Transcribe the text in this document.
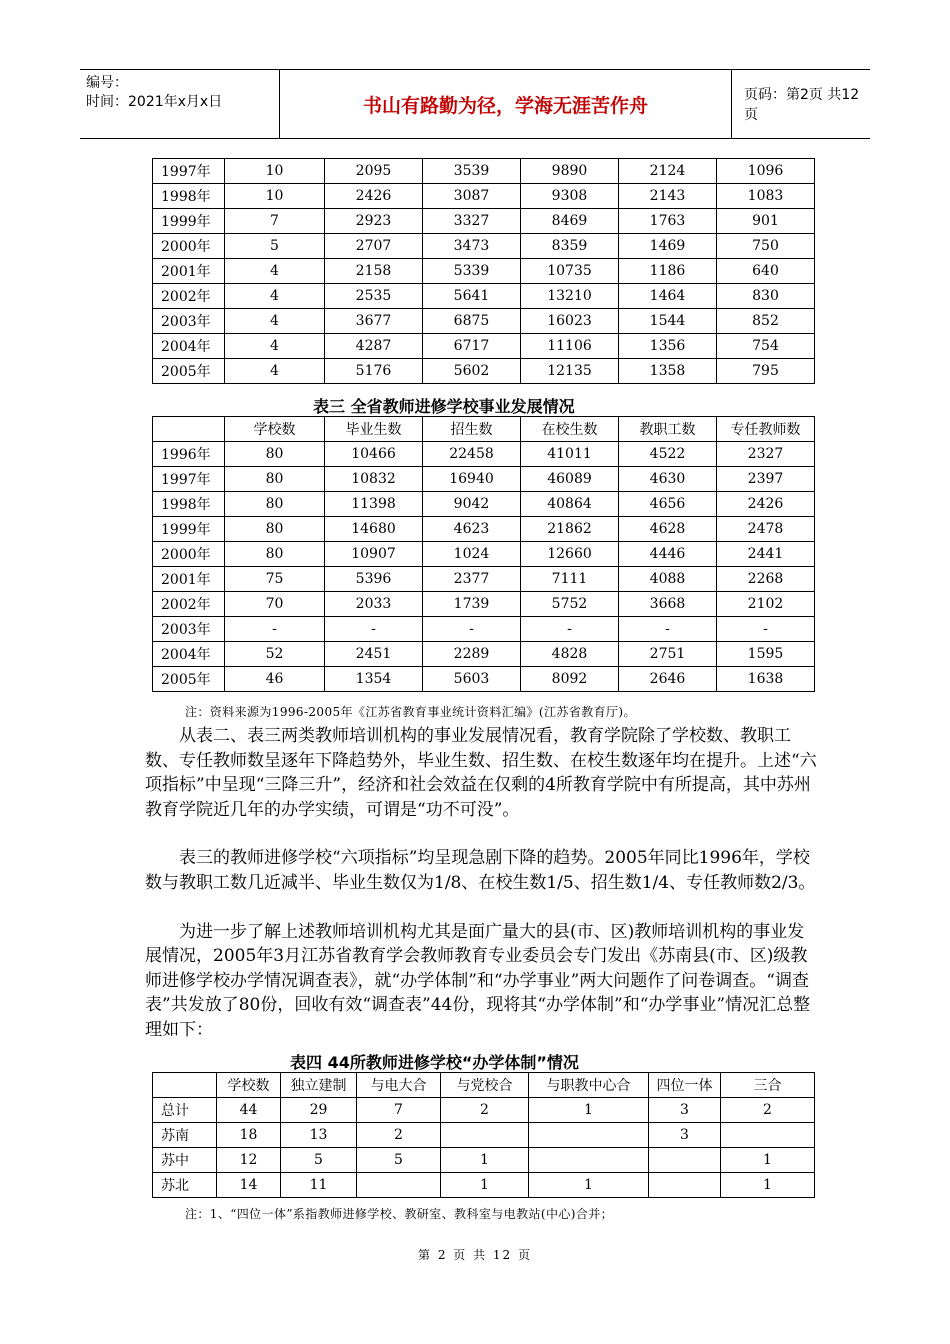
编号：
时间：2021年x月x日	书山有路勤为径，学海无涯苦作舟	页码：第2页 共12页
1997年	10	2095	3539	9890	2124	1096
1998年	10	2426	3087	9308	2143	1083
1999年	7	2923	3327	8469	1763	901
2000年	5	2707	3473	8359	1469	750
2001年	4	2158	5339	10735	1186	640
2002年	4	2535	5641	13210	1464	830
2003年	4	3677	6875	16023	1544	852
2004年	4	4287	6717	11106	1356	754
2005年	4	5176	5602	12135	1358	795
表三 全省教师进修学校事业发展情况
	学校数	毕业生数	招生数	在校生数	教职工数	专任教师数
1996年	80	10466	22458	41011	4522	2327
1997年	80	10832	16940	46089	4630	2397
1998年	80	11398	9042	40864	4656	2426
1999年	80	14680	4623	21862	4628	2478
2000年	80	10907	1024	12660	4446	2441
2001年	75	5396	2377	7111	4088	2268
2002年	70	2033	1739	5752	3668	2102
2003年	-	-	-	-	-	-
2004年	52	2451	2289	4828	2751	1595
2005年	46	1354	5603	8092	2646	1638
注：资料来源为1996-2005年《江苏省教育事业统计资料汇编》(江苏省教育厅)。

从表二、表三两类教师培训机构的事业发展情况看，教育学院除了学校数、教职工数、专任教师数呈逐年下降趋势外，毕业生数、招生数、在校生数逐年均在提升。上述“六项指标”中呈现“三降三升”，经济和社会效益在仅剩的4所教育学院中有所提高，其中苏州教育学院近几年的办学实绩，可谓是“功不可没”。

表三的教师进修学校“六项指标”均呈现急剧下降的趋势。2005年同比1996年，学校数与教职工数几近减半、毕业生数仅为1/8、在校生数1/5、招生数1/4、专任教师数2/3。

为进一步了解上述教师培训机构尤其是面广量大的县(市、区)教师培训机构的事业发展情况，2005年3月江苏省教育学会教师教育专业委员会专门发出《苏南县(市、区)级教师进修学校办学情况调查表》，就“办学体制”和“办学事业”两大问题作了问卷调查。“调查表”共发放了80份，回收有效“调查表”44份，现将其“办学体制”和“办学事业”情况汇总整理如下：

表四 44所教师进修学校“办学体制”情况
	学校数	独立建制	与电大合	与党校合	与职教中心合	四位一体	三合
总计	44	29	7	2	1	3	2
苏南	18	13	2			3	
苏中	12	5	5	1			1
苏北	14	11		1	1		1
注：1、“四位一体”系指教师进修学校、教研室、教科室与电教站(中心)合并；
第 2 页 共 12 页
